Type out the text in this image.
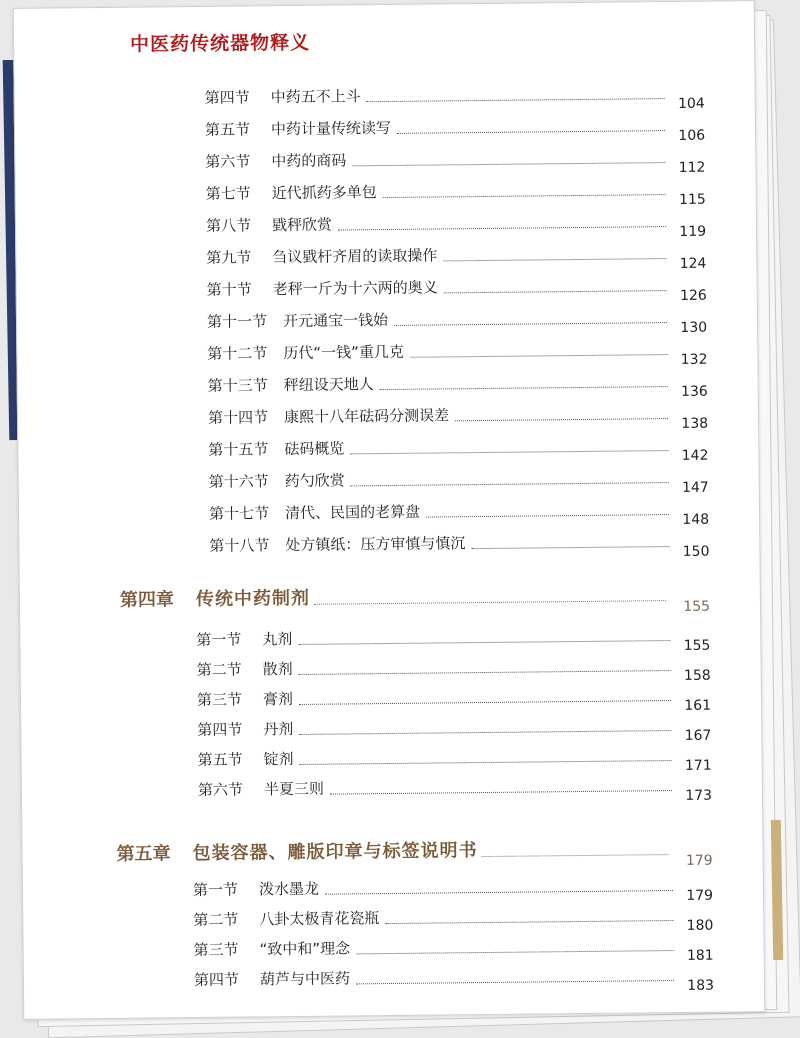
中医药传统器物释义
第四节	中药五不上斗	104
第五节	中药计量传统读写	106
第六节	中药的商码	112
第七节	近代抓药多单包	115
第八节	戥秤欣赏	119
第九节	刍议戥杆齐眉的读取操作	124
第十节	老秤一斤为十六两的奥义	126
第十一节	开元通宝一钱始	130
第十二节	历代“一钱”重几克	132
第十三节	秤纽设天地人	136
第十四节	康熙十八年砝码分测误差	138
第十五节	砝码概览	142
第十六节	药勺欣赏	147
第十七节	清代、民国的老算盘	148
第十八节	处方镇纸：压方审慎与慎沉	150
第四章	传统中药制剂	155
第一节	丸剂	155
第二节	散剂	158
第三节	膏剂	161
第四节	丹剂	167
第五节	锭剂	171
第六节	半夏三则	173
第五章	包装容器、雕版印章与标签说明书	179
第一节	泼水墨龙	179
第二节	八卦太极青花瓷瓶	180
第三节	“致中和”理念	181
第四节	葫芦与中医药	183
